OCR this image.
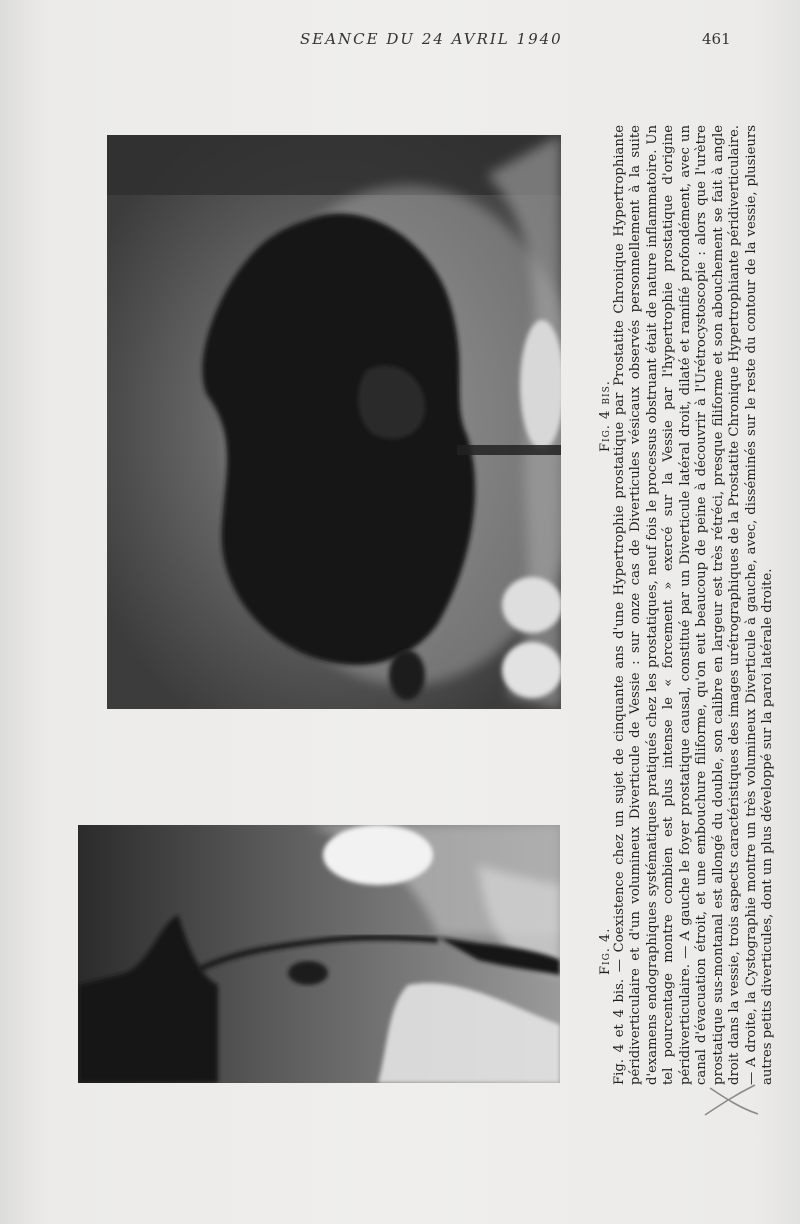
SEANCE DU 24 AVRIL 1940	461
Fig. 4 bis.
Fig. 4.

Fig. 4 et 4 bis. — Coexistence chez un sujet de cinquante ans d'une Hypertrophie prostatique par Prostatite Chronique Hypertrophiante péridiverticulaire et d'un volumineux Diverticule de Vessie : sur onze cas de Diverticules vésicaux observés personnellement à la suite d'examens endographiques systématiques pratiqués chez les prostatiques, neuf fois le processus obstruant était de nature inflammatoire. Un tel pourcentage montre combien est plus intense le « forcement » exercé sur la Vessie par l'hypertrophie prostatique d'origine péridiverticulaire. — A gauche le foyer prostatique causal, constitué par un Diverticule latéral droit, dilaté et ramifié profondément, avec un canal d'évacuation étroit, et une embouchure filiforme, qu'on eut beaucoup de peine à découvrir à l'Urétrocystoscopie : alors que l'urètre prostatique sus-montanal est allongé du double, son calibre en largeur est très rétréci, presque filiforme et son abouchement se fait à angle droit dans la vessie, trois aspects caractéristiques des images urétrographiques de la Prostatite Chronique Hypertrophiante péridiverticulaire. — A droite, la Cystographie montre un très volumineux Diverticule à gauche, avec, disséminés sur le reste du contour de la vessie, plusieurs autres petits diverticules, dont un plus développé sur la paroi latérale droite.
